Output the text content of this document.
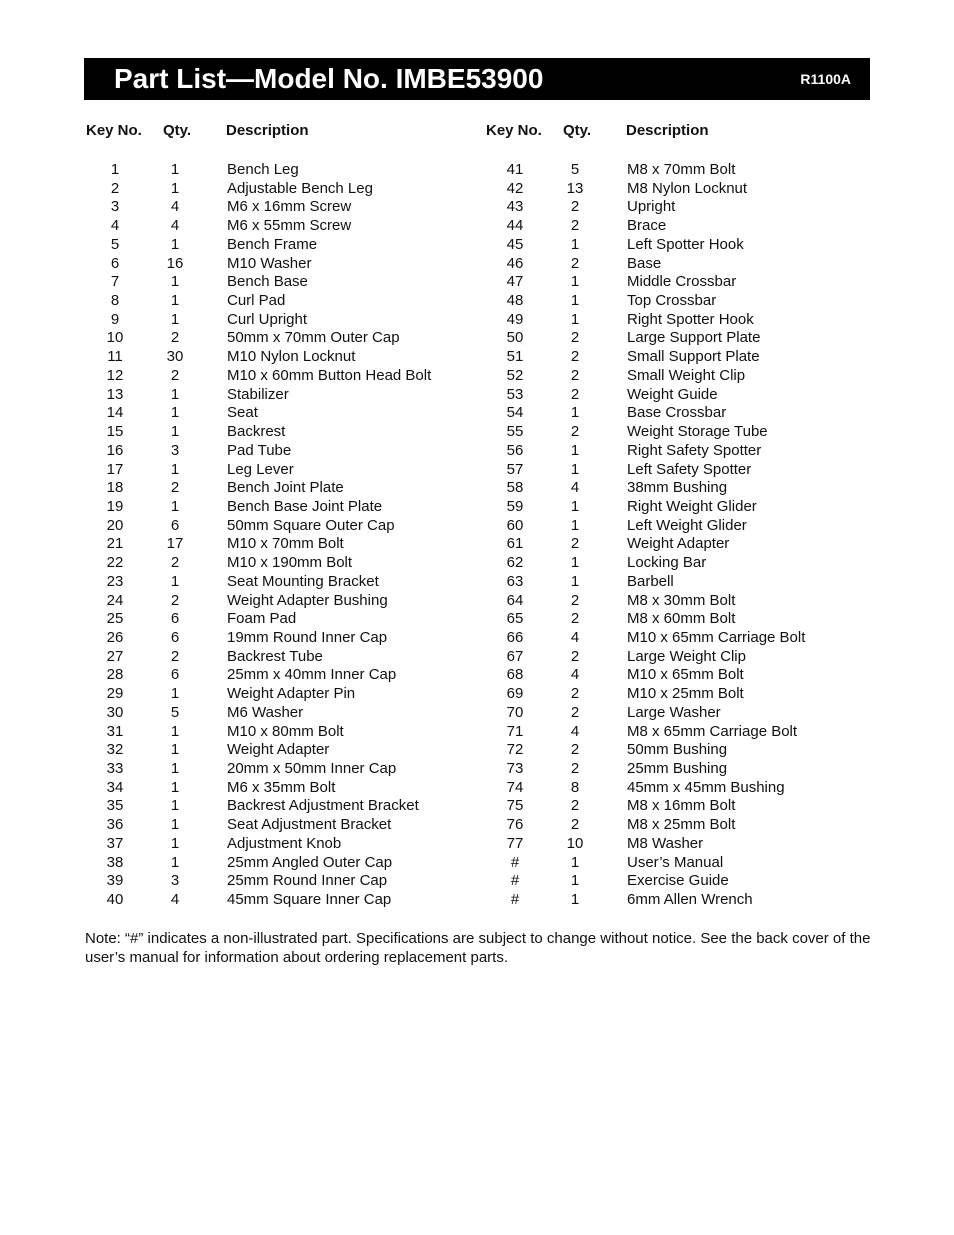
Part List—Model No. IMBE53900	R1100A
Key No. Qty. Description
1	1	Bench Leg
2	1	Adjustable Bench Leg
3	4	M6 x 16mm Screw
4	4	M6 x 55mm Screw
5	1	Bench Frame
6	16	M10 Washer
7	1	Bench Base
8	1	Curl Pad
9	1	Curl Upright
10	2	50mm x 70mm Outer Cap
11	30	M10 Nylon Locknut
12	2	M10 x 60mm Button Head Bolt
13	1	Stabilizer
14	1	Seat
15	1	Backrest
16	3	Pad Tube
17	1	Leg Lever
18	2	Bench Joint Plate
19	1	Bench Base Joint Plate
20	6	50mm Square Outer Cap
21	17	M10 x 70mm Bolt
22	2	M10 x 190mm Bolt
23	1	Seat Mounting Bracket
24	2	Weight Adapter Bushing
25	6	Foam Pad
26	6	19mm Round Inner Cap
27	2	Backrest Tube
28	6	25mm x 40mm Inner Cap
29	1	Weight Adapter Pin
30	5	M6 Washer
31	1	M10 x 80mm Bolt
32	1	Weight Adapter
33	1	20mm x 50mm Inner Cap
34	1	M6 x 35mm Bolt
35	1	Backrest Adjustment Bracket
36	1	Seat Adjustment Bracket
37	1	Adjustment Knob
38	1	25mm Angled Outer Cap
39	3	25mm Round Inner Cap
40	4	45mm Square Inner Cap
Key No. Qty. Description
41	5	M8 x 70mm Bolt
42	13	M8 Nylon Locknut
43	2	Upright
44	2	Brace
45	1	Left Spotter Hook
46	2	Base
47	1	Middle Crossbar
48	1	Top Crossbar
49	1	Right Spotter Hook
50	2	Large Support Plate
51	2	Small Support Plate
52	2	Small Weight Clip
53	2	Weight Guide
54	1	Base Crossbar
55	2	Weight Storage Tube
56	1	Right Safety Spotter
57	1	Left Safety Spotter
58	4	38mm Bushing
59	1	Right Weight Glider
60	1	Left Weight Glider
61	2	Weight Adapter
62	1	Locking Bar
63	1	Barbell
64	2	M8 x 30mm Bolt
65	2	M8 x 60mm Bolt
66	4	M10 x 65mm Carriage Bolt
67	2	Large Weight Clip
68	4	M10 x 65mm Bolt
69	2	M10 x 25mm Bolt
70	2	Large Washer
71	4	M8 x 65mm Carriage Bolt
72	2	50mm Bushing
73	2	25mm Bushing
74	8	45mm x 45mm Bushing
75	2	M8 x 16mm Bolt
76	2	M8 x 25mm Bolt
77	10	M8 Washer
#	1	User’s Manual
#	1	Exercise Guide
#	1	6mm Allen Wrench
Note: “#” indicates a non-illustrated part. Specifications are subject to change without notice. See the back cover of the user’s manual for information about ordering replacement parts.
